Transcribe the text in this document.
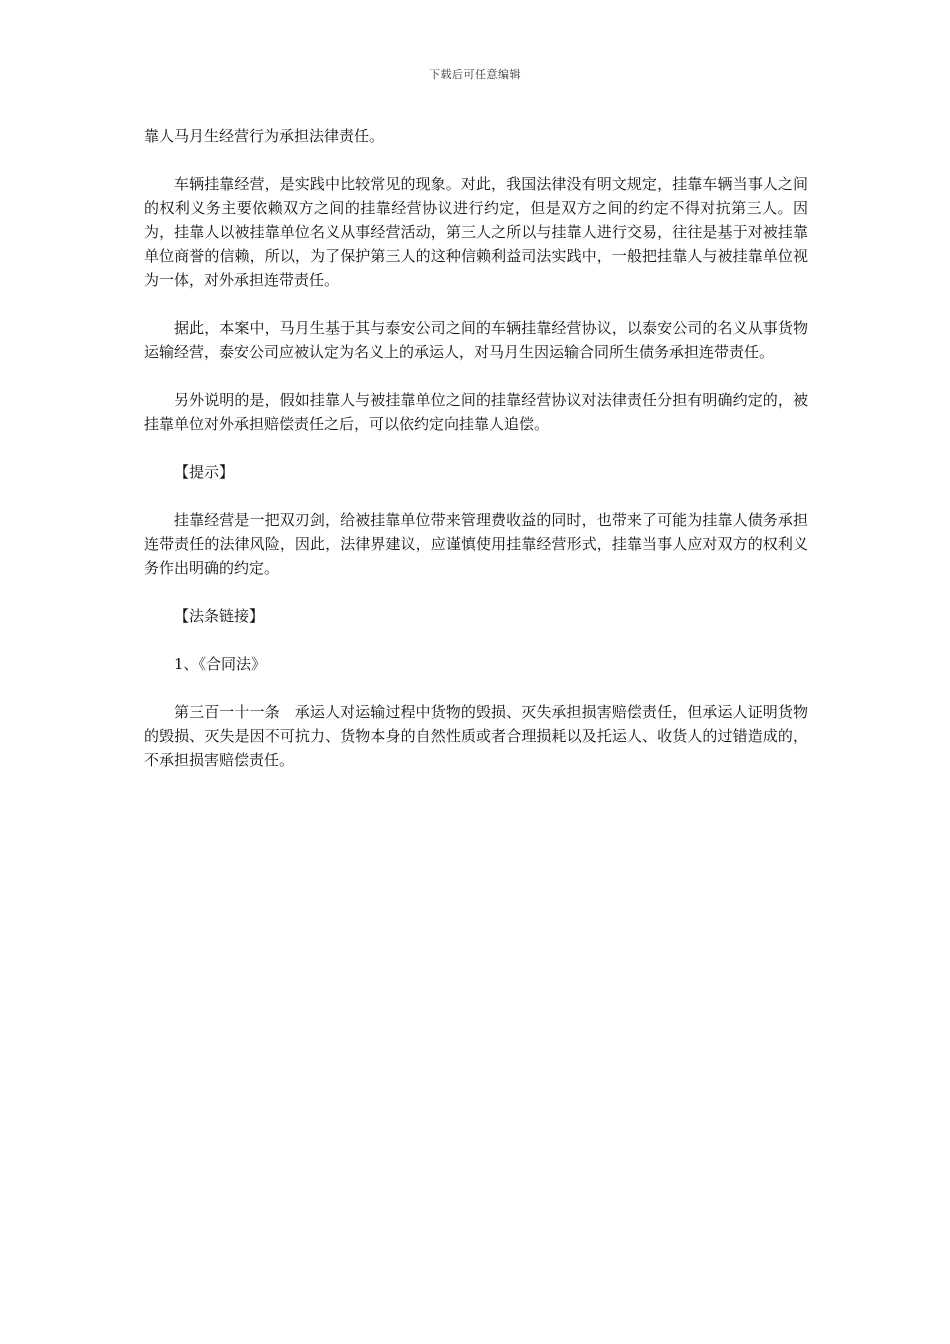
下载后可任意编辑

靠人马月生经营行为承担法律责任。

车辆挂靠经营，是实践中比较常见的现象。对此，我国法律没有明文规定，挂靠车辆当事人之间的权利义务主要依赖双方之间的挂靠经营协议进行约定，但是双方之间的约定不得对抗第三人。因为，挂靠人以被挂靠单位名义从事经营活动，第三人之所以与挂靠人进行交易，往往是基于对被挂靠单位商誉的信赖，所以，为了保护第三人的这种信赖利益司法实践中，一般把挂靠人与被挂靠单位视为一体，对外承担连带责任。

据此，本案中，马月生基于其与泰安公司之间的车辆挂靠经营协议，以泰安公司的名义从事货物运输经营，泰安公司应被认定为名义上的承运人，对马月生因运输合同所生债务承担连带责任。

另外说明的是，假如挂靠人与被挂靠单位之间的挂靠经营协议对法律责任分担有明确约定的，被挂靠单位对外承担赔偿责任之后，可以依约定向挂靠人追偿。

【提示】

挂靠经营是一把双刃剑，给被挂靠单位带来管理费收益的同时，也带来了可能为挂靠人债务承担连带责任的法律风险，因此，法律界建议，应谨慎使用挂靠经营形式，挂靠当事人应对双方的权利义务作出明确的约定。

【法条链接】

1、《合同法》

第三百一十一条　承运人对运输过程中货物的毁损、灭失承担损害赔偿责任，但承运人证明货物的毁损、灭失是因不可抗力、货物本身的自然性质或者合理损耗以及托运人、收货人的过错造成的，不承担损害赔偿责任。
